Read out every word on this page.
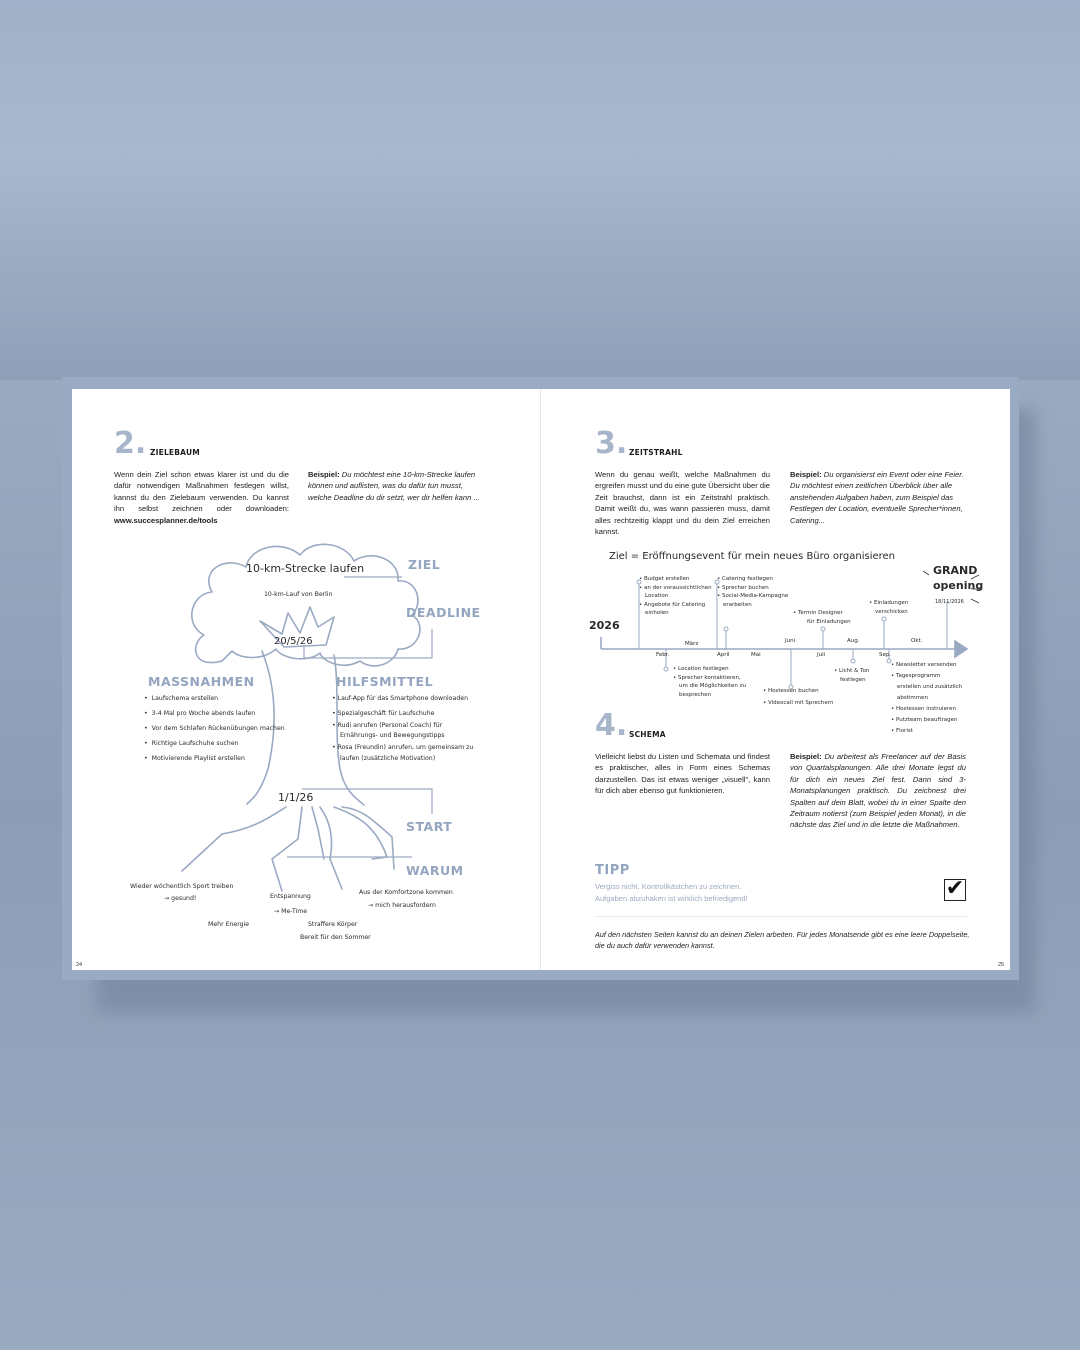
2. ZIELEBAUM
Wenn dein Ziel schon etwas klarer ist und du die dafür notwendigen Maßnahmen festlegen willst, kannst du den Zielebaum verwenden. Du kannst ihn selbst zeichnen oder downloaden: www.succesplanner.de/tools
Beispiel: Du möchtest eine 10-km-Strecke laufen können und auflisten, was du dafür tun musst, welche Deadline du dir setzt, wer dir helfen kann ...
10-km-Strecke laufen
10-km-Lauf von Berlin
20/5/26
1/1/26
ZIEL
DEADLINE
MASSNAHMEN	HILFSMITTEL
START
WARUM
• Laufschema erstellen
• 3-4 Mal pro Woche abends laufen
• Vor dem Schlafen Rückenübungen machen
• Richtige Laufschuhe suchen
• Motivierende Playlist erstellen
• Lauf-App für das Smartphone downloaden
• Spezialgeschäft für Laufschuhe
• Rudi anrufen (Personal Coach) für
Ernährungs- und Bewegungstipps
• Rosa (Freundin) anrufen, um gemeinsam zu
laufen (zusätzliche Motivation)
Wieder wöchentlich Sport treiben
→ gesund!
Mehr Energie
Entspannung
→ Me-Time
Straffere Körper
Bereit für den Sommer
Aus der Komfortzone kommen
→ mich herausfordern
24
3. ZEITSTRAHL
Wenn du genau weißt, welche Maßnahmen du ergreifen musst und du eine gute Übersicht über die Zeit brauchst, dann ist ein Zeitstrahl praktisch. Damit weißt du, was wann passieren muss, damit alles rechtzeitig klappt und du dein Ziel erreichen kannst.
Beispiel: Du organisierst ein Event oder eine Feier. Du möchtest einen zeitlichen Überblick über alle anstehenden Aufgaben haben, zum Beispiel das Festlegen der Location, eventuelle Sprecher*innen, Catering...
Ziel = Eröffnungsevent für mein neues Büro organisieren
2026
GRAND
opening
18/11/2026
Febr.
März
April	Mai
Juni
Juli
Aug.
Sep.
Okt.
• Budget erstellen
• an der voraussichtlichen
Location
• Angebote für Catering
einholen
• Catering festlegen
• Sprecher buchen
• Social-Media-Kampagne
erarbeiten
• Termin Designer
für Einladungen
• Einladungen
verschicken
• Location festlegen
• Sprecher kontaktieren,
um die Möglichkeiten zu
besprechen
• Hostessen buchen
• Videocall mit Sprechern
• Licht & Ton
festlegen
• Newsletter versenden
• Tagesprogramm
erstellen und zusätzlich
abstimmen
• Hostessen instruieren
• Putzteam beauftragen
• Florist
4. SCHEMA
Vielleicht liebst du Listen und Schemata und findest es praktischer, alles in Form eines Schemas darzustellen. Das ist etwas weniger „visuell", kann für dich aber ebenso gut funktionieren.
Beispiel: Du arbeitest als Freelancer auf der Basis von Quartalsplanungen. Alle drei Monate legst du für dich ein neues Ziel fest. Dann sind 3-Monatsplanungen praktisch. Du zeichnest drei Spalten auf dein Blatt, wobei du in einer Spalte den Zeitraum notierst (zum Beispiel jeden Monat), in die nächste das Ziel und in die letzte die Maßnahmen.
TIPP
Vergiss nicht, Kontrollkästchen zu zeichnen.
Aufgaben abzuhaken ist wirklich befriedigend!	✔
Auf den nächsten Seiten kannst du an deinen Zielen arbeiten. Für jedes Monatsende gibt es eine leere Doppelseite, die du auch dafür verwenden kannst.
25
